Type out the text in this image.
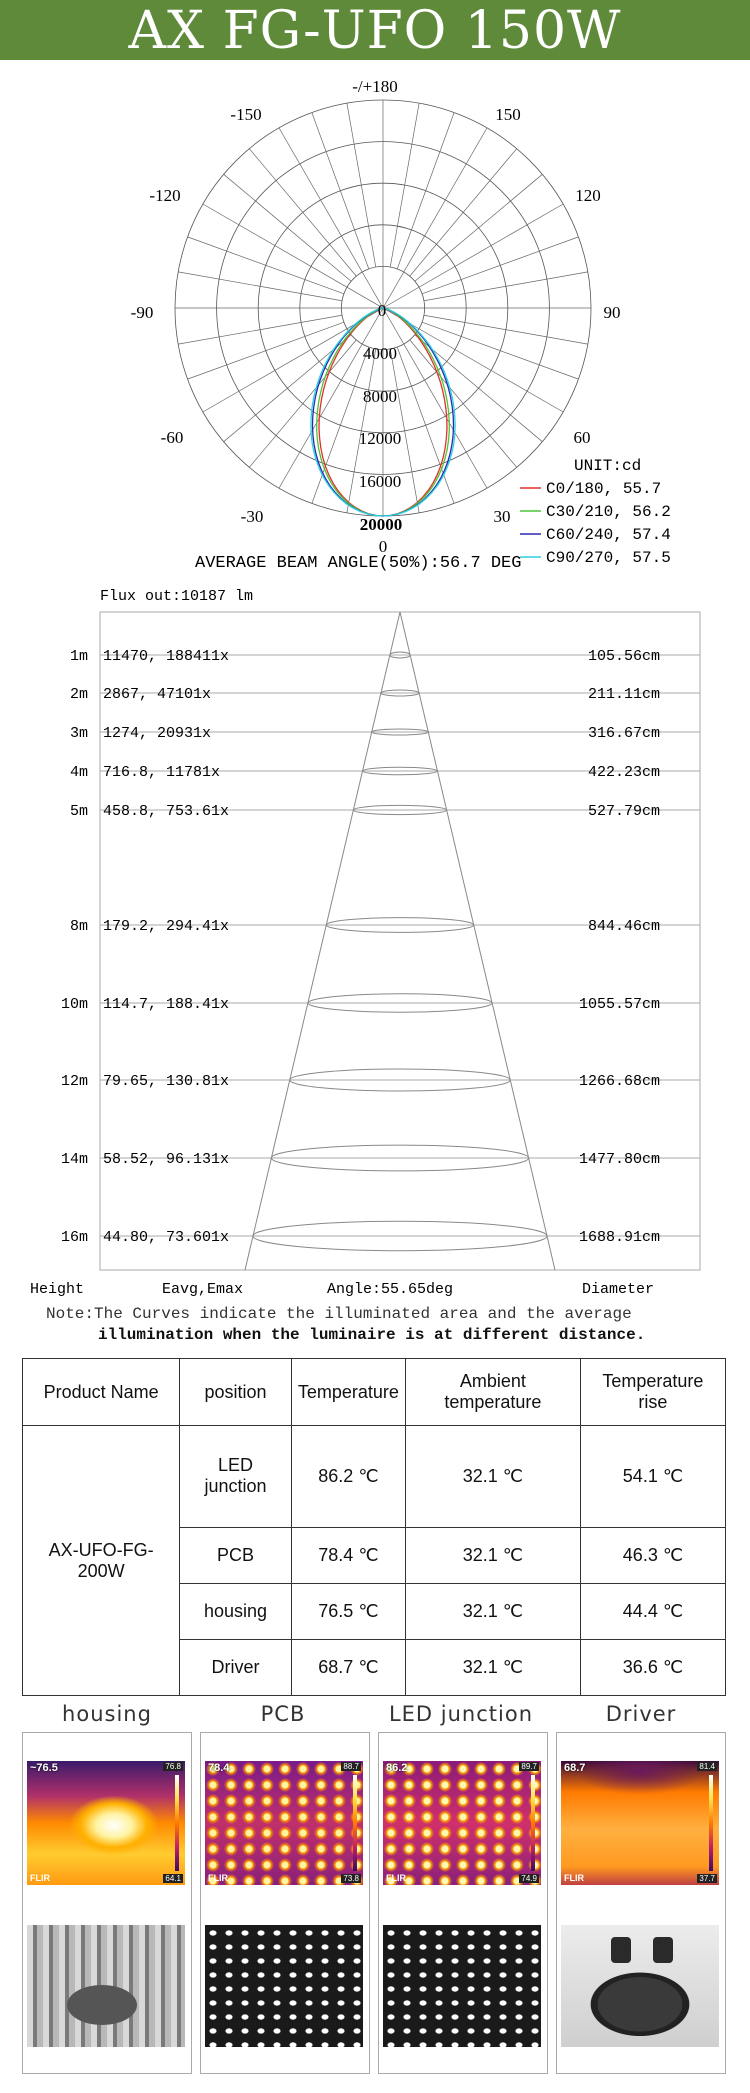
AX FG-UFO 150W
-/+180
-150	150
-120	120
-90	90
-60	60
-30	30
0
0
4000
8000
12000
16000
20000
UNIT:cd
C0/180, 55.7
C30/210, 56.2
C60/240, 57.4
C90/270, 57.5
AVERAGE BEAM ANGLE(50%):56.7 DEG
Flux out:10187 lm
1m 11470, 188411x	105.56cm
2m 2867, 47101x	211.11cm
3m 1274, 20931x	316.67cm
4m 716.8, 11781x	422.23cm
5m 458.8, 753.61x	527.79cm
8m 179.2, 294.41x	844.46cm
10m 114.7, 188.41x	1055.57cm
12m 79.65, 130.81x	1266.68cm
14m 58.52, 96.131x	1477.80cm
16m 44.80, 73.601x	1688.91cm
Height	Eavg,Emax	Angle:55.65deg	Diameter
Note:The Curves indicate the illuminated area and the average
illumination when the luminaire is at different distance.
Product Name	position	Temperature	Ambient temperature	Temperature rise
AX-UFO-FG-200W	LED junction	86.2 ℃	32.1 ℃	54.1 ℃
	PCB	78.4 ℃	32.1 ℃	46.3 ℃
	housing	76.5 ℃	32.1 ℃	44.4 ℃
	Driver	68.7 ℃	32.1 ℃	36.6 ℃
housing	PCB	LED junction	Driver
~76.5	76.8
64.1
FLIR
78.4	88.7
73.8
FLIR
86.2	89.7
74.9
FLIR
68.7	81.4
37.7
FLIR
